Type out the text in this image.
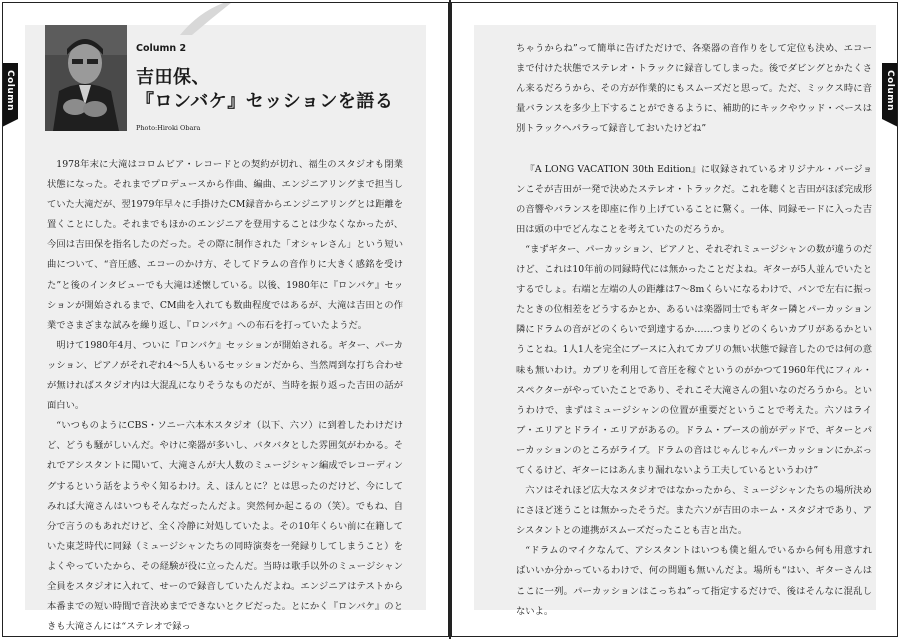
Column
Column 2
吉田保、
『ロンバケ』セッションを語る
Photo:Hiroki Obara

1978年末に大滝はコロムビア・レコードとの契約が切れ、福生のスタジオも閉業状態になった。それまでプロデュースから作曲、編曲、エンジニアリングまで担当していた大滝だが、翌1979年早々に手掛けたCM録音からエンジニアリングとは距離を置くことにした。それまでもほかのエンジニアを登用することは少なくなかったが、今回は吉田保を指名したのだった。その際に制作された「オシャレさん」という短い曲について、“音圧感、エコーのかけ方、そしてドラムの音作りに大きく感銘を受けた”と後のインタビューでも大滝は述懐している。以後、1980年に『ロンバケ』セッションが開始されるまで、CM曲を入れても数曲程度ではあるが、大滝は吉田との作業でさまざまな試みを繰り返し、『ロンバケ』への布石を打っていたようだ。

明けて1980年4月、ついに『ロンバケ』セッションが開始される。ギター、パーカッション、ピアノがそれぞれ4～5人もいるセッションだから、当然周到な打ち合わせが無ければスタジオ内は大混乱になりそうなものだが、当時を振り返った吉田の話が面白い。

“いつものようにCBS・ソニー六本木スタジオ（以下、六ソ）に到着したわけだけど、どうも騒がしいんだ。やけに楽器が多いし、バタバタとした雰囲気がわかる。それでアシスタントに聞いて、大滝さんが大人数のミュージシャン編成でレコーディングするという話をようやく知るわけ。え、ほんとに？とは思ったのだけど、今にしてみれば大滝さんはいつもそんなだったんだよ。突然何か起こるの（笑）。でもね、自分で言うのもあれだけど、全く冷静に対処していたよ。その10年くらい前に在籍していた東芝時代に同録（ミュージシャンたちの同時演奏を一発録りしてしまうこと）をよくやっていたから、その経験が役に立ったんだ。当時は歌手以外のミュージシャン全員をスタジオに入れて、せーので録音していたんだよね。エンジニアはテストから本番までの短い時間で音決めまでできないとクビだった。とにかく『ロンバケ』のときも大滝さんには“ステレオで録っ

Column

ちゃうからね”って簡単に告げただけで、各楽器の音作りをして定位も決め、エコーまで付けた状態でステレオ・トラックに録音してしまった。後でダビングとかたくさん来るだろうから、その方が作業的にもスムーズだと思って。ただ、ミックス時に音量バランスを多少上下することができるように、補助的にキックやウッド・ベースは別トラックへパラって録音しておいたけどね”

『A LONG VACATION 30th Edition』に収録されているオリジナル・バージョンこそが吉田が一発で決めたステレオ・トラックだ。これを聴くと吉田がほぼ完成形の音響やバランスを即座に作り上げていることに驚く。一体、同録モードに入った吉田は頭の中でどんなことを考えていたのだろうか。

“まずギター、パーカッション、ピアノと、それぞれミュージシャンの数が違うのだけど、これは10年前の同録時代には無かったことだよね。ギターが5人並んでいたとするでしょ。右端と左端の人の距離は7～8mくらいになるわけで、パンで左右に振ったときの位相差をどうするかとか、あるいは楽器同士でもギター隣とパーカッション隣にドラムの音がどのくらいで到達するか……つまりどのくらいカブリがあるかということね。1人1人を完全にブースに入れてカブリの無い状態で録音したのでは何の意味も無いわけ。カブリを利用して音圧を稼ぐというのがかつて1960年代にフィル・スペクターがやっていたことであり、それこそ大滝さんの狙いなのだろうから。というわけで、まずはミュージシャンの位置が重要だということで考えた。六ソはライブ・エリアとドライ・エリアがあるの。ドラム・ブースの前がデッドで、ギターとパーカッションのところがライブ。ドラムの音はじゃんじゃんパーカッションにかぶってくるけど、ギターにはあんまり漏れないよう工夫しているというわけ”

六ソはそれほど広大なスタジオではなかったから、ミュージシャンたちの場所決めにさほど迷うことは無かったそうだ。また六ソが吉田のホーム・スタジオであり、アシスタントとの連携がスムーズだったことも吉と出た。

“ドラムのマイクなんて、アシスタントはいつも僕と組んでいるから何も用意すればいいか分かっているわけで、何の問題も無いんだよ。場所も“はい、ギターさんはここに一列。パーカッションはこっちね”って指定するだけで、後はそんなに混乱しないよ。
